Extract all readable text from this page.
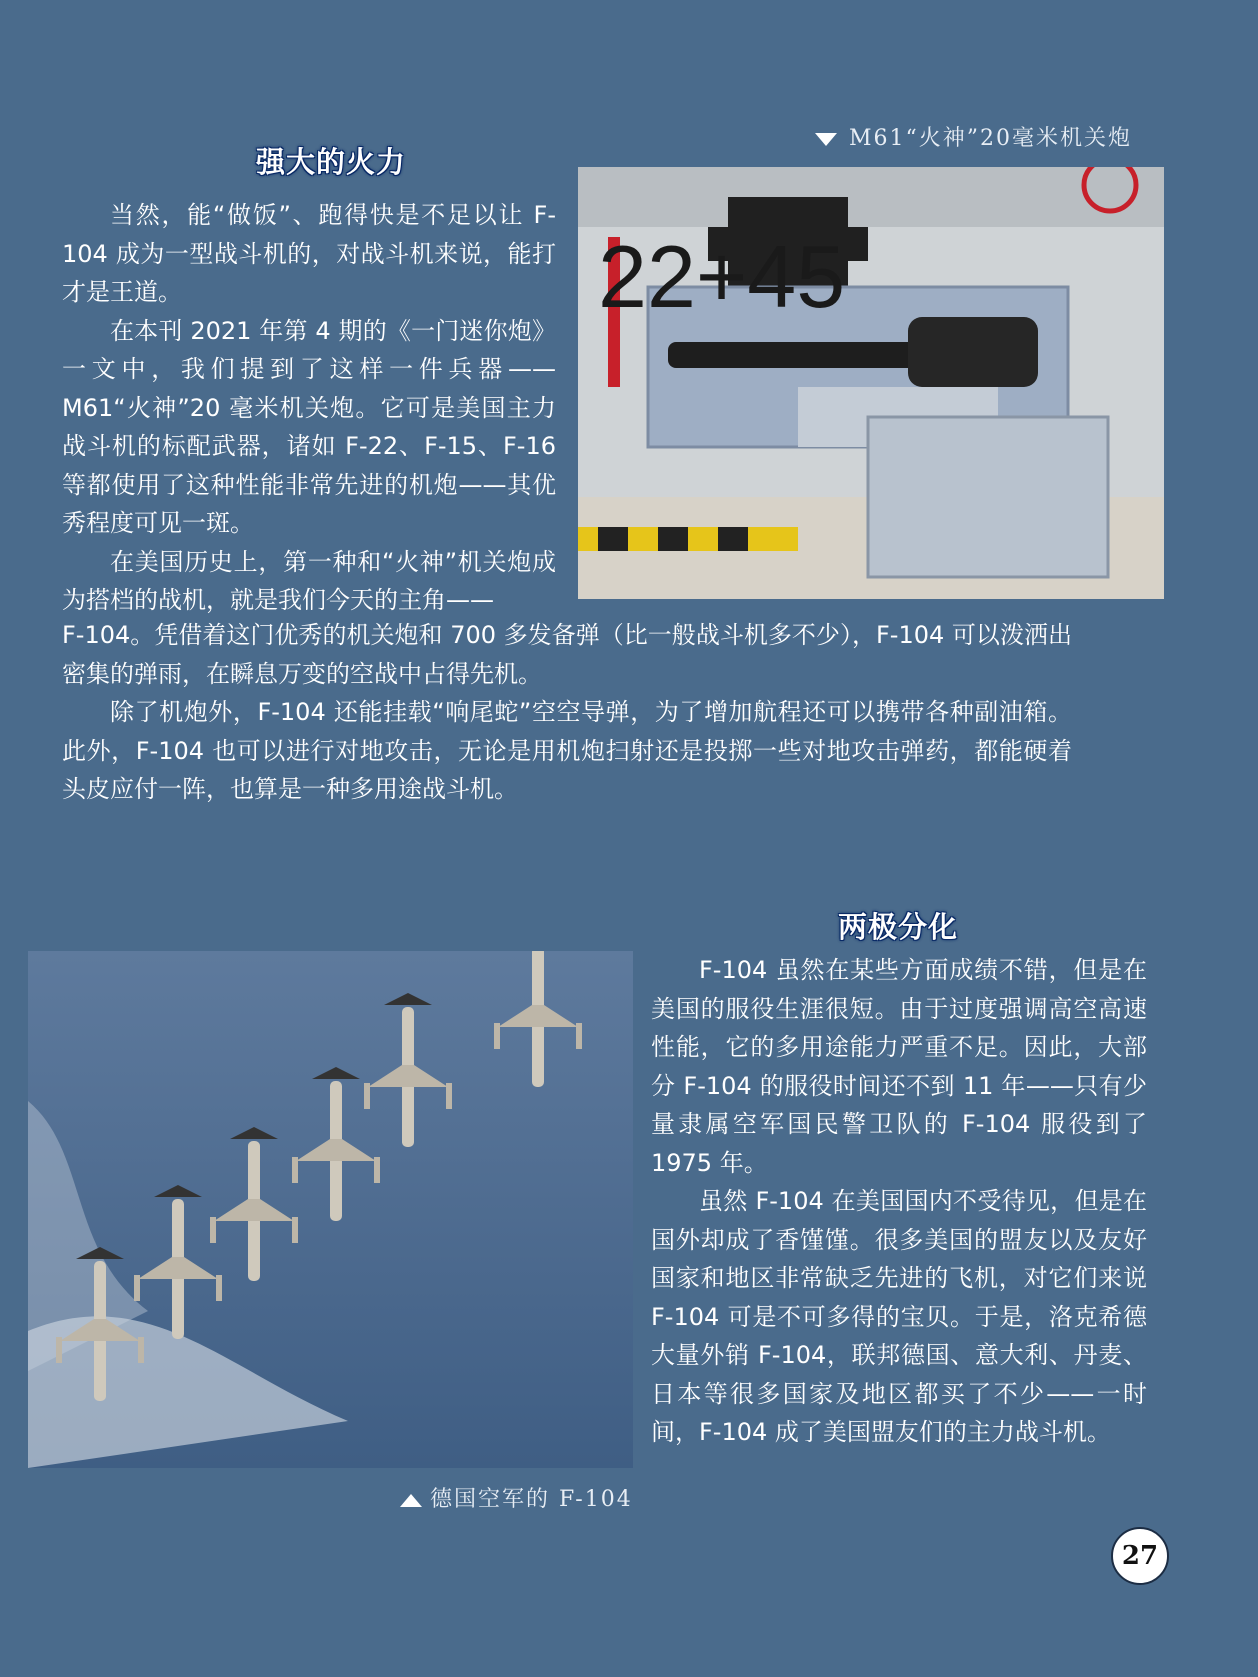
M61“火神”20毫米机关炮
强大的火力

当然，能“做饭”、跑得快是不足以让 F-104 成为一型战斗机的，对战斗机来说，能打才是王道。

在本刊 2021 年第 4 期的《一门迷你炮》一文中，我们提到了这样一件兵器——M61“火神”20 毫米机关炮。它可是美国主力战斗机的标配武器，诸如 F-22、F-15、F-16 等都使用了这种性能非常先进的机炮——其优秀程度可见一斑。

在美国历史上，第一种和“火神”机关炮成为搭档的战机，就是我们今天的主角——

F-104。凭借着这门优秀的机关炮和 700 多发备弹（比一般战斗机多不少），F-104 可以泼洒出密集的弹雨，在瞬息万变的空战中占得先机。

除了机炮外，F-104 还能挂载“响尾蛇”空空导弹，为了增加航程还可以携带各种副油箱。此外，F-104 也可以进行对地攻击，无论是用机炮扫射还是投掷一些对地攻击弹药，都能硬着头皮应付一阵，也算是一种多用途战斗机。

22+45
两极分化
德国空军的 F-104

F-104 虽然在某些方面成绩不错，但是在美国的服役生涯很短。由于过度强调高空高速性能，它的多用途能力严重不足。因此，大部分 F-104 的服役时间还不到 11 年——只有少量隶属空军国民警卫队的 F-104 服役到了 1975 年。

虽然 F-104 在美国国内不受待见，但是在国外却成了香馑馑。很多美国的盟友以及友好国家和地区非常缺乏先进的飞机，对它们来说 F-104 可是不可多得的宝贝。于是，洛克希德大量外销 F-104，联邦德国、意大利、丹麦、日本等很多国家及地区都买了不少——一时间，F-104 成了美国盟友们的主力战斗机。

27
